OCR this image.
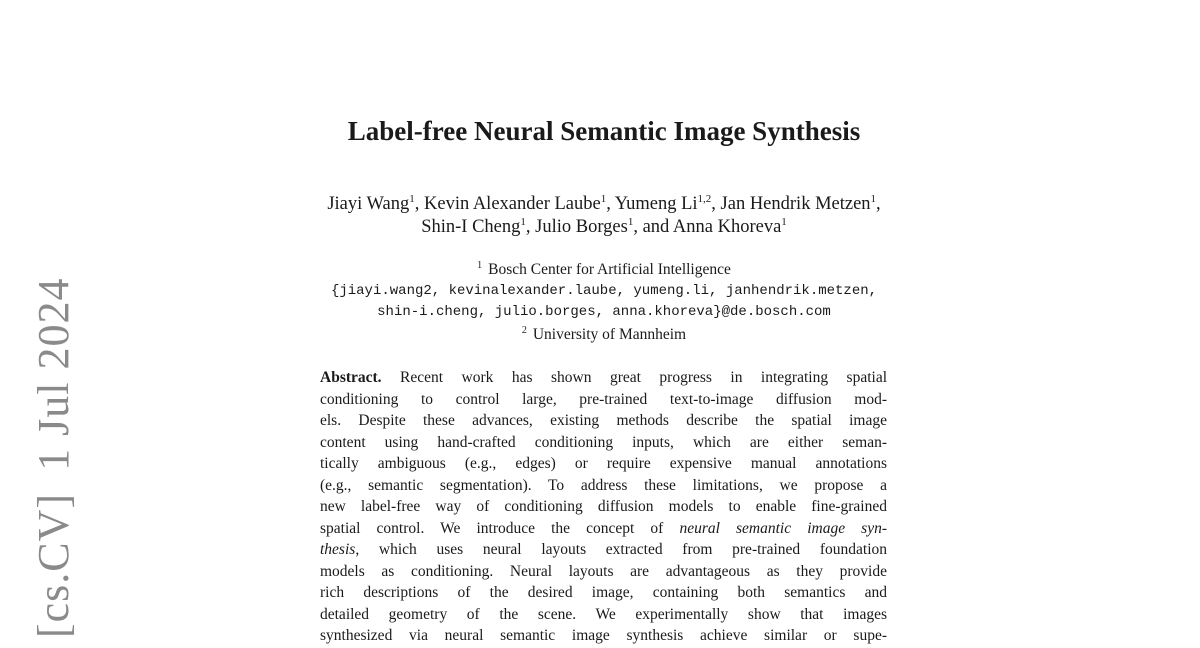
[cs.CV]1 Jul 2024
Label-free Neural Semantic Image Synthesis
Jiayi Wang$^1$, Kevin Alexander Laube$^1$, Yumeng Li$^{1,2}$, Jan Hendrik Metzen$^1$,
Shin-I Cheng$^1$, Julio Borges$^1$, and Anna Khoreva$^1$
$^1$ Bosch Center for Artificial Intelligence
{jiayi.wang2, kevinalexander.laube, yumeng.li, janhendrik.metzen,
shin-i.cheng, julio.borges, anna.khoreva}@de.bosch.com
$^2$ University of Mannheim
Abstract. Recent work has shown great progress in integrating spatial
conditioning to control large, pre-trained text-to-image diffusion mod-
els. Despite these advances, existing methods describe the spatial image
content using hand-crafted conditioning inputs, which are either seman-
tically ambiguous (e.g., edges) or require expensive manual annotations
(e.g., semantic segmentation). To address these limitations, we propose a
new label-free way of conditioning diffusion models to enable fine-grained
spatial control. We introduce the concept of neural semantic image syn-
thesis, which uses neural layouts extracted from pre-trained foundation
models as conditioning. Neural layouts are advantageous as they provide
rich descriptions of the desired image, containing both semantics and
detailed geometry of the scene. We experimentally show that images
synthesized via neural semantic image synthesis achieve similar or supe-
